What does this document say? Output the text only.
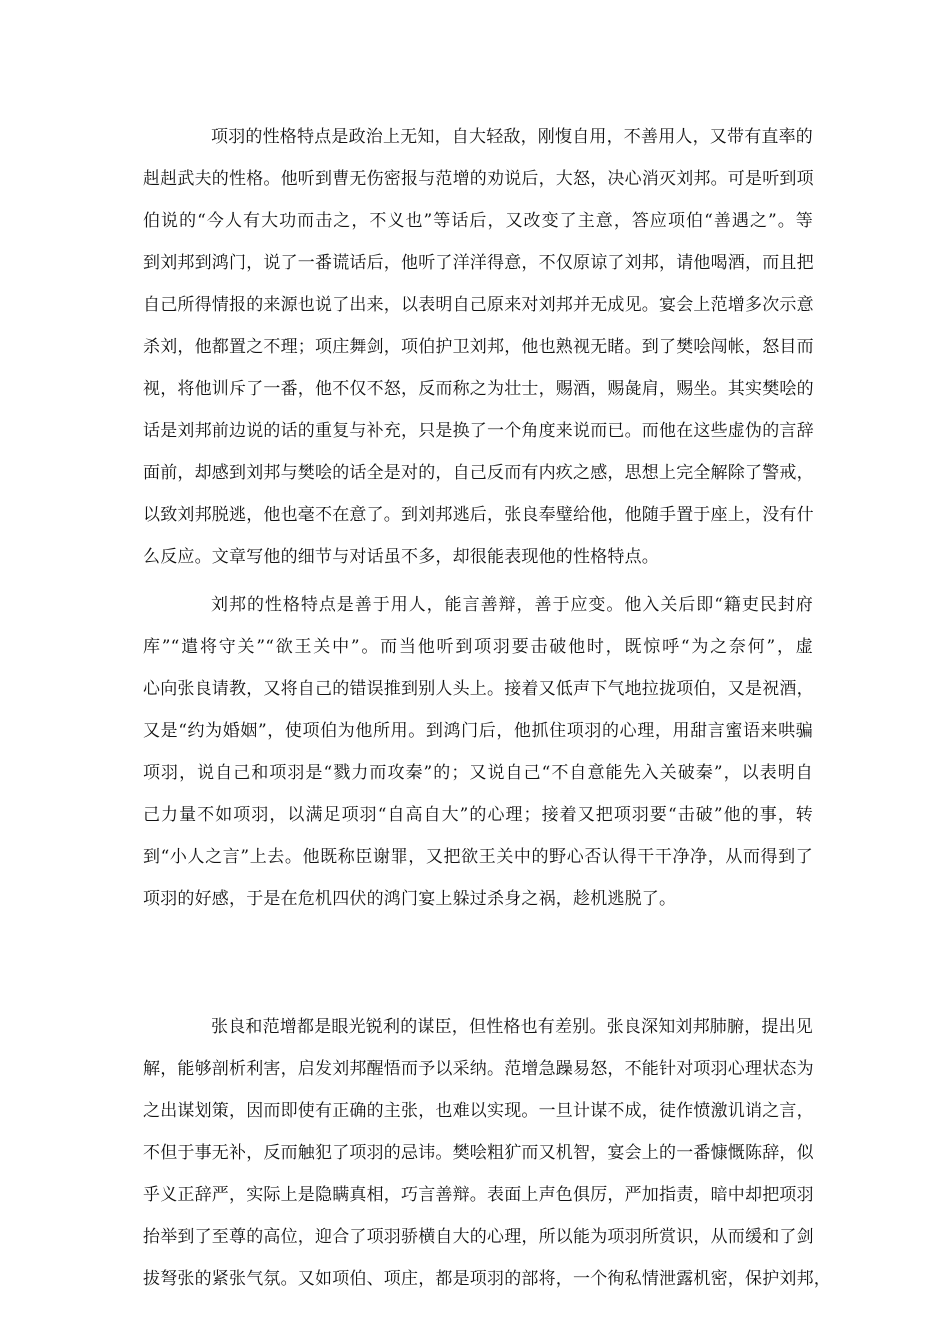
项羽的性格特点是政治上无知，自大轻敌，刚愎自用，不善用人，又带有直率的
赳赳武夫的性格。他听到曹无伤密报与范增的劝说后，大怒，决心消灭刘邦。可是听到项
伯说的“今人有大功而击之，不义也”等话后，又改变了主意，答应项伯“善遇之”。等
到刘邦到鸿门，说了一番谎话后，他听了洋洋得意，不仅原谅了刘邦，请他喝酒，而且把
自己所得情报的来源也说了出来，以表明自己原来对刘邦并无成见。宴会上范增多次示意
杀刘，他都置之不理；项庄舞剑，项伯护卫刘邦，他也熟视无睹。到了樊哙闯帐，怒目而
视，将他训斥了一番，他不仅不怒，反而称之为壮士，赐酒，赐彘肩，赐坐。其实樊哙的
话是刘邦前边说的话的重复与补充，只是换了一个角度来说而已。而他在这些虚伪的言辞
面前，却感到刘邦与樊哙的话全是对的，自己反而有内疚之感，思想上完全解除了警戒，
以致刘邦脱逃，他也毫不在意了。到刘邦逃后，张良奉璧给他，他随手置于座上，没有什
么反应。文章写他的细节与对话虽不多，却很能表现他的性格特点。
刘邦的性格特点是善于用人，能言善辩，善于应变。他入关后即“籍吏民封府
库”“遣将守关”“欲王关中”。而当他听到项羽要击破他时，既惊呼“为之奈何”，虚
心向张良请教，又将自己的错误推到别人头上。接着又低声下气地拉拢项伯，又是祝酒，
又是“约为婚姻”，使项伯为他所用。到鸿门后，他抓住项羽的心理，用甜言蜜语来哄骗
项羽，说自己和项羽是“戮力而攻秦”的；又说自己“不自意能先入关破秦”，以表明自
己力量不如项羽，以满足项羽“自高自大”的心理；接着又把项羽要“击破”他的事，转
到“小人之言”上去。他既称臣谢罪，又把欲王关中的野心否认得干干净净，从而得到了
项羽的好感，于是在危机四伏的鸿门宴上躲过杀身之祸，趁机逃脱了。
张良和范增都是眼光锐利的谋臣，但性格也有差别。张良深知刘邦肺腑，提出见
解，能够剖析利害，启发刘邦醒悟而予以采纳。范增急躁易怒，不能针对项羽心理状态为
之出谋划策，因而即使有正确的主张，也难以实现。一旦计谋不成，徒作愤激讥诮之言，
不但于事无补，反而触犯了项羽的忌讳。樊哙粗犷而又机智，宴会上的一番慷慨陈辞，似
乎义正辞严，实际上是隐瞒真相，巧言善辩。表面上声色俱厉，严加指责，暗中却把项羽
抬举到了至尊的高位，迎合了项羽骄横自大的心理，所以能为项羽所赏识，从而缓和了剑
拔弩张的紧张气氛。又如项伯、项庄，都是项羽的部将，一个徇私情泄露机密，保护刘邦，
